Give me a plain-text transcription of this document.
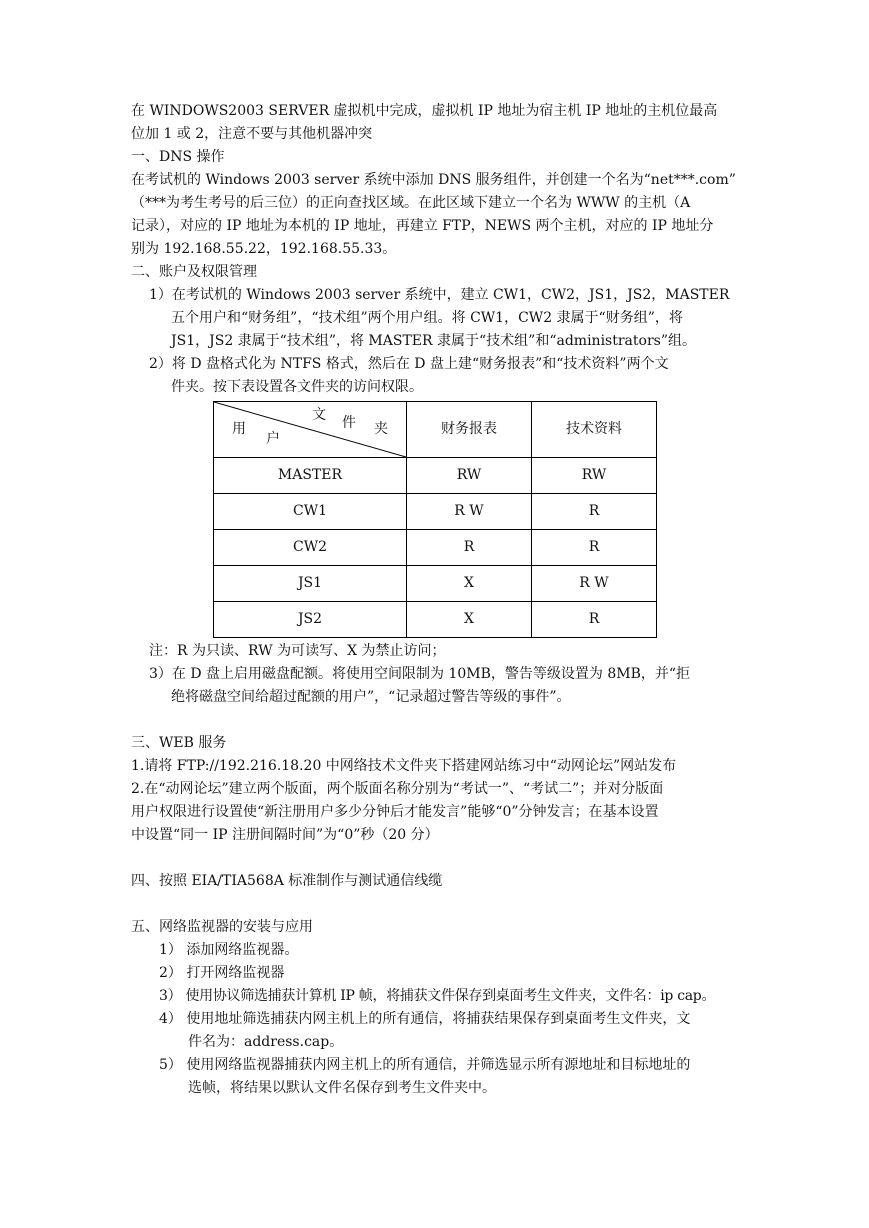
在 WINDOWS2003 SERVER 虚拟机中完成，虚拟机 IP 地址为宿主机 IP 地址的主机位最高
位加 1 或 2，注意不要与其他机器冲突
一、DNS 操作
在考试机的 Windows 2003 server 系统中添加 DNS 服务组件，并创建一个名为“net***.com”
（***为考生考号的后三位）的正向查找区域。在此区域下建立一个名为 WWW 的主机（A
记录），对应的 IP 地址为本机的 IP 地址，再建立 FTP，NEWS 两个主机，对应的 IP 地址分
别为 192.168.55.22，192.168.55.33。
二、账户及权限管理
1）在考试机的 Windows 2003 server 系统中，建立 CW1，CW2，JS1，JS2，MASTER
五个用户和“财务组”，“技术组”两个用户组。将 CW1，CW2 隶属于“财务组”，将
JS1，JS2 隶属于“技术组”，将 MASTER 隶属于“技术组”和“administrators”组。
2）将 D 盘格式化为 NTFS 格式，然后在 D 盘上建“财务报表”和“技术资料”两个文
件夹。按下表设置各文件夹的访问权限。
文 件 夹
用
户	财务报表	技术资料
MASTER	RW	RW
CW1	R W	R
CW2	R	R
JS1	X	R W
JS2	X	R
注：R 为只读、RW 为可读写、X 为禁止访问；
3）在 D 盘上启用磁盘配额。将使用空间限制为 10MB，警告等级设置为 8MB，并“拒
绝将磁盘空间给超过配额的用户”，“记录超过警告等级的事件”。
三、WEB 服务
1.请将 FTP://192.216.18.20 中网络技术文件夹下搭建网站练习中“动网论坛”网站发布
2.在“动网论坛”建立两个版面，两个版面名称分别为“考试一”、“考试二”；并对分版面
用户权限进行设置使“新注册用户多少分钟后才能发言”能够“0”分钟发言；在基本设置
中设置“同一 IP 注册间隔时间”为“0”秒（20 分）
四、按照 EIA/TIA568A 标准制作与测试通信线缆
五、网络监视器的安装与应用
1） 添加网络监视器。
2） 打开网络监视器
3） 使用协议筛选捕获计算机 IP 帧，将捕获文件保存到桌面考生文件夹，文件名：ip cap。
4） 使用地址筛选捕获内网主机上的所有通信，将捕获结果保存到桌面考生文件夹，文
件名为：address.cap。
5） 使用网络监视器捕获内网主机上的所有通信，并筛选显示所有源地址和目标地址的
选帧，将结果以默认文件名保存到考生文件夹中。
